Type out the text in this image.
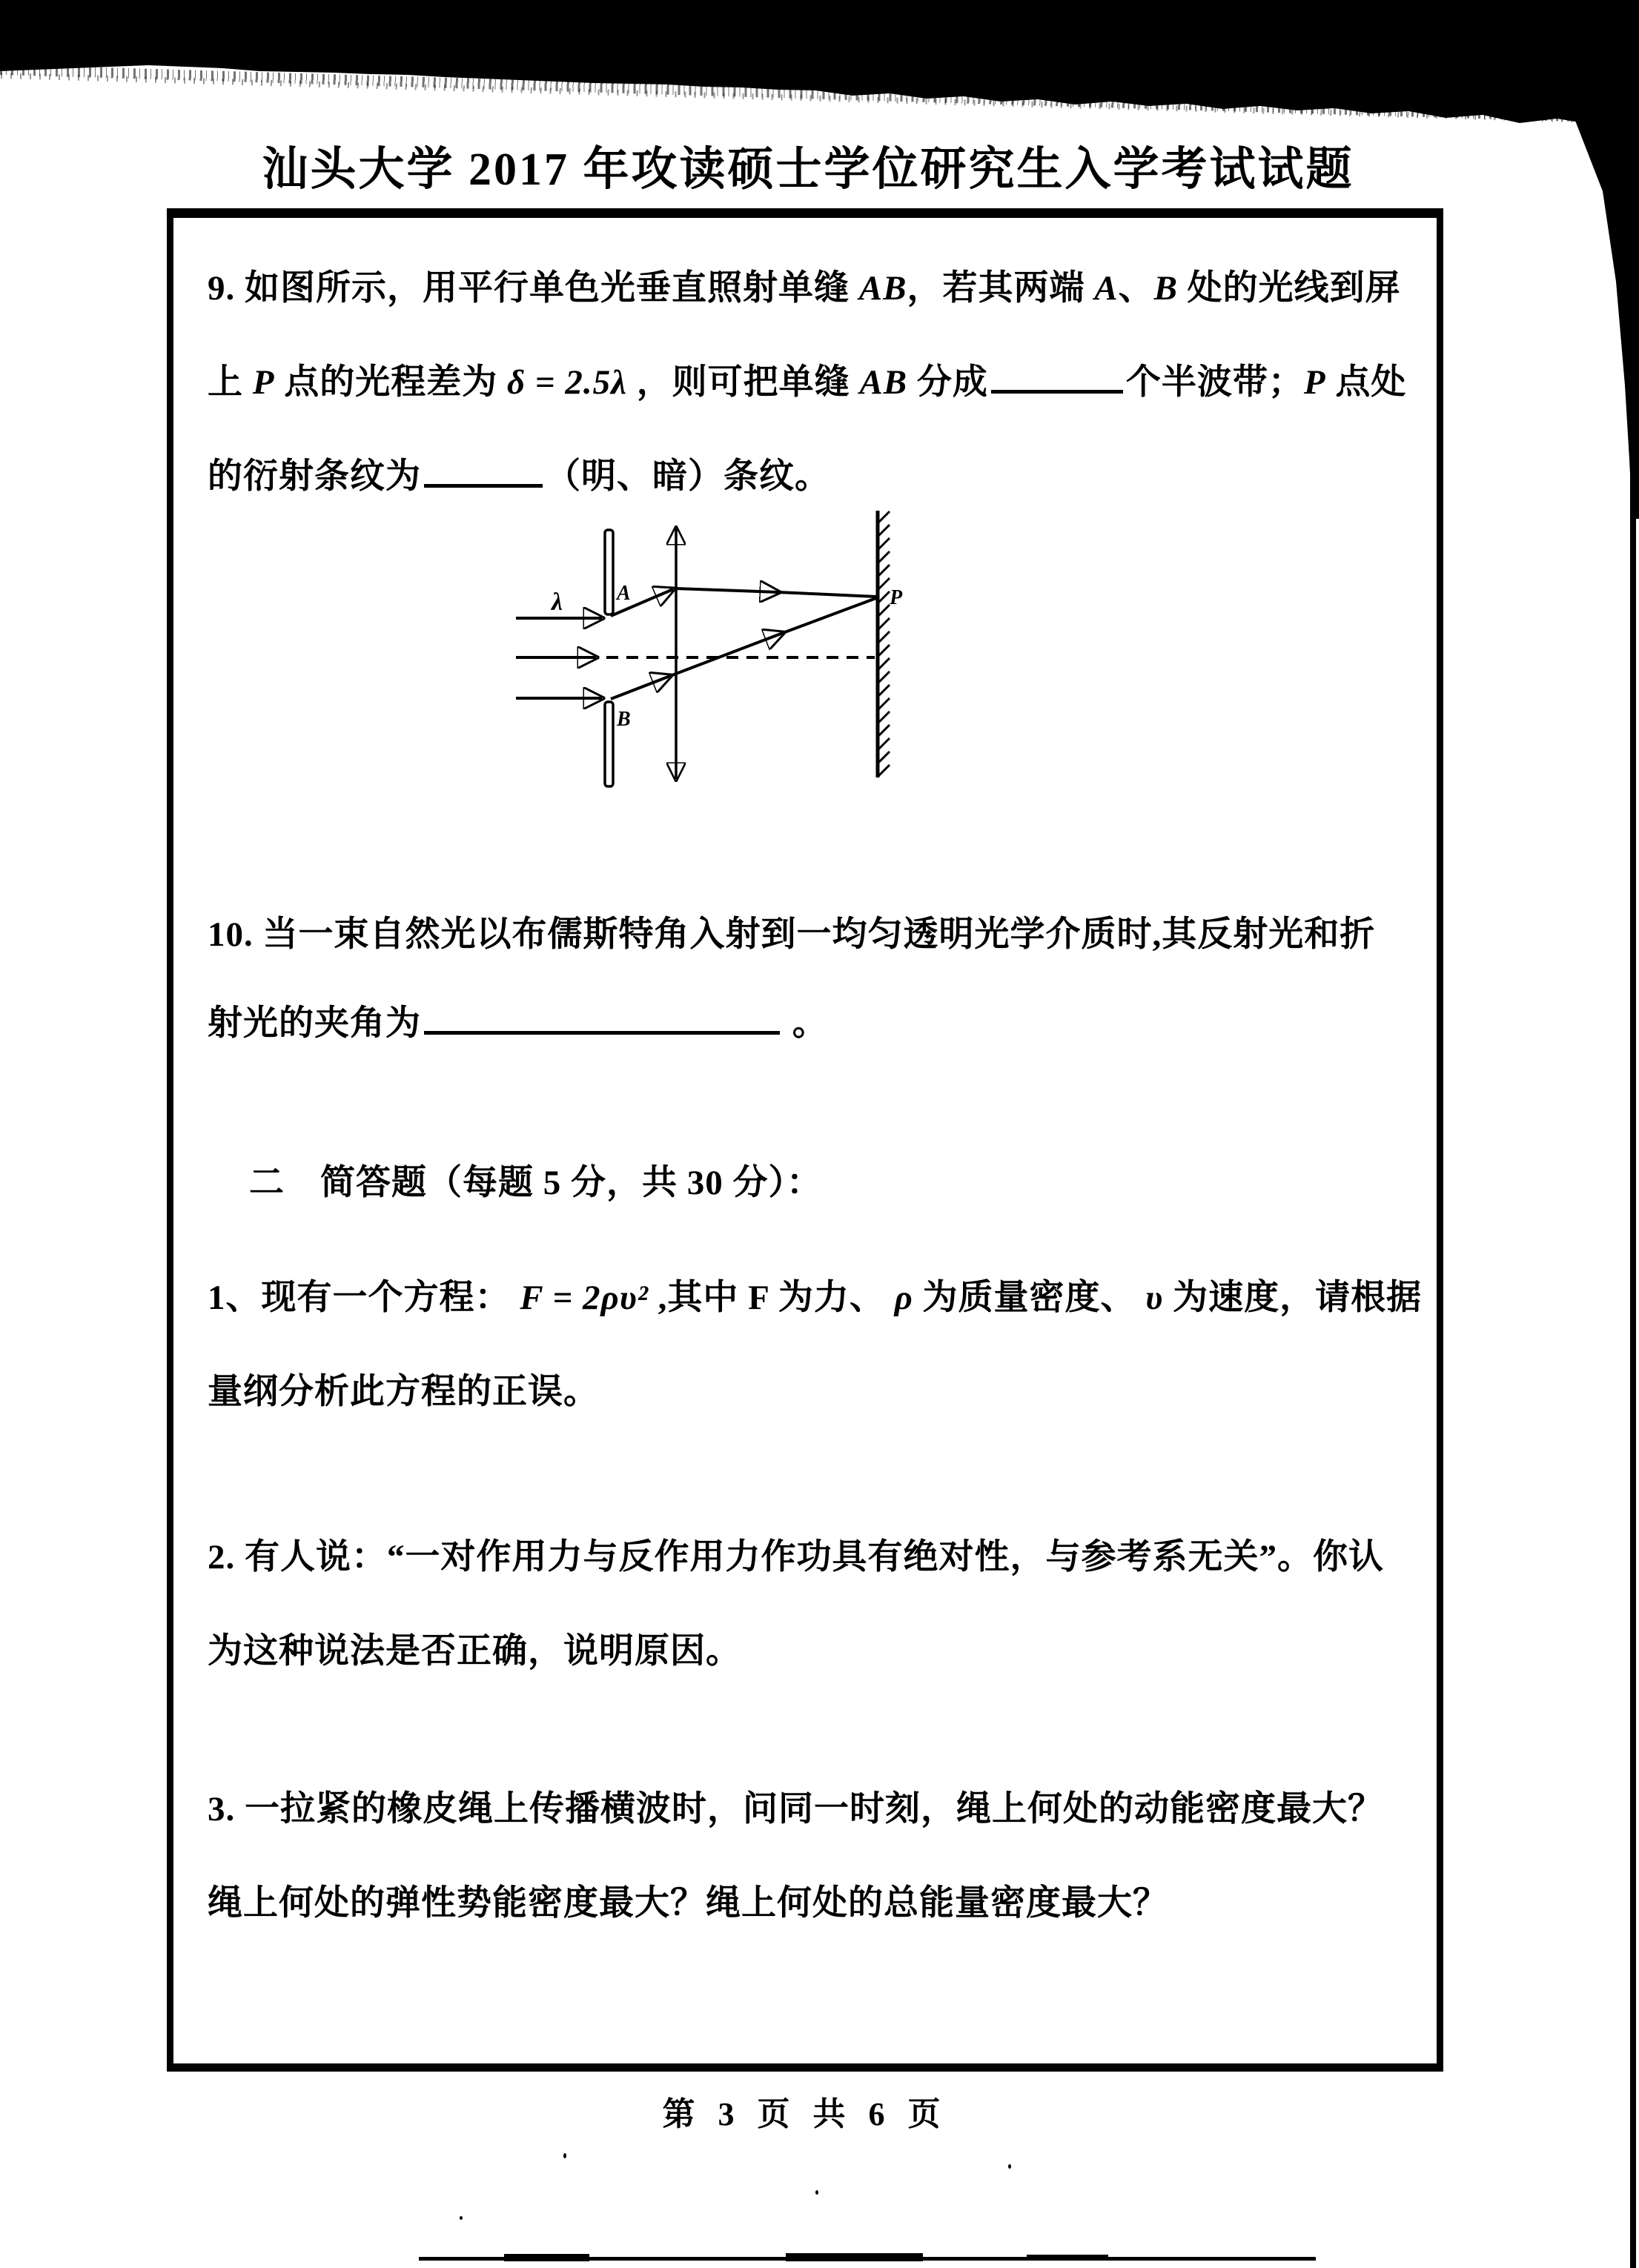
汕头大学 2017 年攻读硕士学位研究生入学考试试题
9. 如图所示，用平行单色光垂直照射单缝 AB，若其两端 A、B 处的光线到屏
上 P 点的光程差为 δ = 2.5λ ，则可把单缝 AB 分成	个半波带；P 点处
的衍射条纹为	（明、暗）条纹。
λ	A
B
P
10. 当一束自然光以布儒斯特角入射到一均匀透明光学介质时,其反射光和折
射光的夹角为	。
二　简答题（每题 5 分，共 30 分）：
1、现有一个方程： F = 2ρυ² ,其中 F 为力、 ρ 为质量密度、 υ 为速度，请根据
量纲分析此方程的正误。
2. 有人说：“一对作用力与反作用力作功具有绝对性，与参考系无关”。你认
为这种说法是否正确，说明原因。
3. 一拉紧的橡皮绳上传播横波时，问同一时刻，绳上何处的动能密度最大？
绳上何处的弹性势能密度最大？绳上何处的总能量密度最大？
第 3 页 共 6 页
